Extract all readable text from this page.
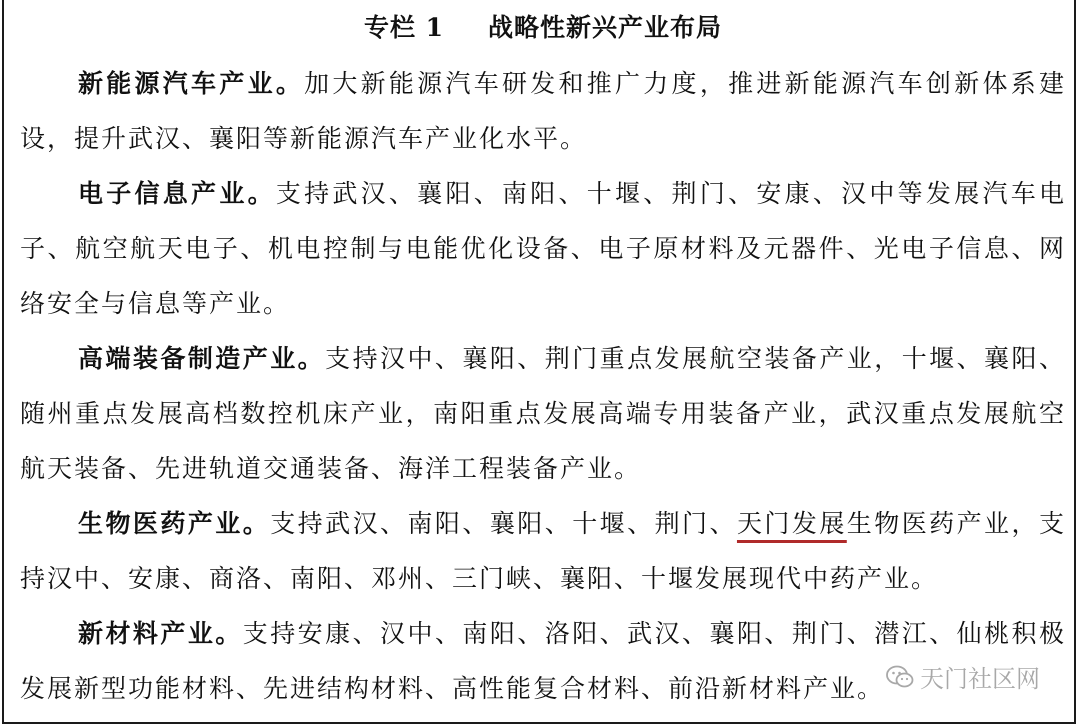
专栏 1 战略性新兴产业布局

新能源汽车产业。加大新能源汽车研发和推广力度，推进新能源汽车创新体系建设，提升武汉、襄阳等新能源汽车产业化水平。

电子信息产业。支持武汉、襄阳、南阳、十堰、荆门、安康、汉中等发展汽车电子、航空航天电子、机电控制与电能优化设备、电子原材料及元器件、光电子信息、网络安全与信息等产业。

高端装备制造产业。支持汉中、襄阳、荆门重点发展航空装备产业，十堰、襄阳、随州重点发展高档数控机床产业，南阳重点发展高端专用装备产业，武汉重点发展航空航天装备、先进轨道交通装备、海洋工程装备产业。

生物医药产业。支持武汉、南阳、襄阳、十堰、荆门、天门发展生物医药产业，支持汉中、安康、商洛、南阳、邓州、三门峡、襄阳、十堰发展现代中药产业。

新材料产业。支持安康、汉中、南阳、洛阳、武汉、襄阳、荆门、潜江、仙桃积极发展新型功能材料、先进结构材料、高性能复合材料、前沿新材料产业。	天门社区网
